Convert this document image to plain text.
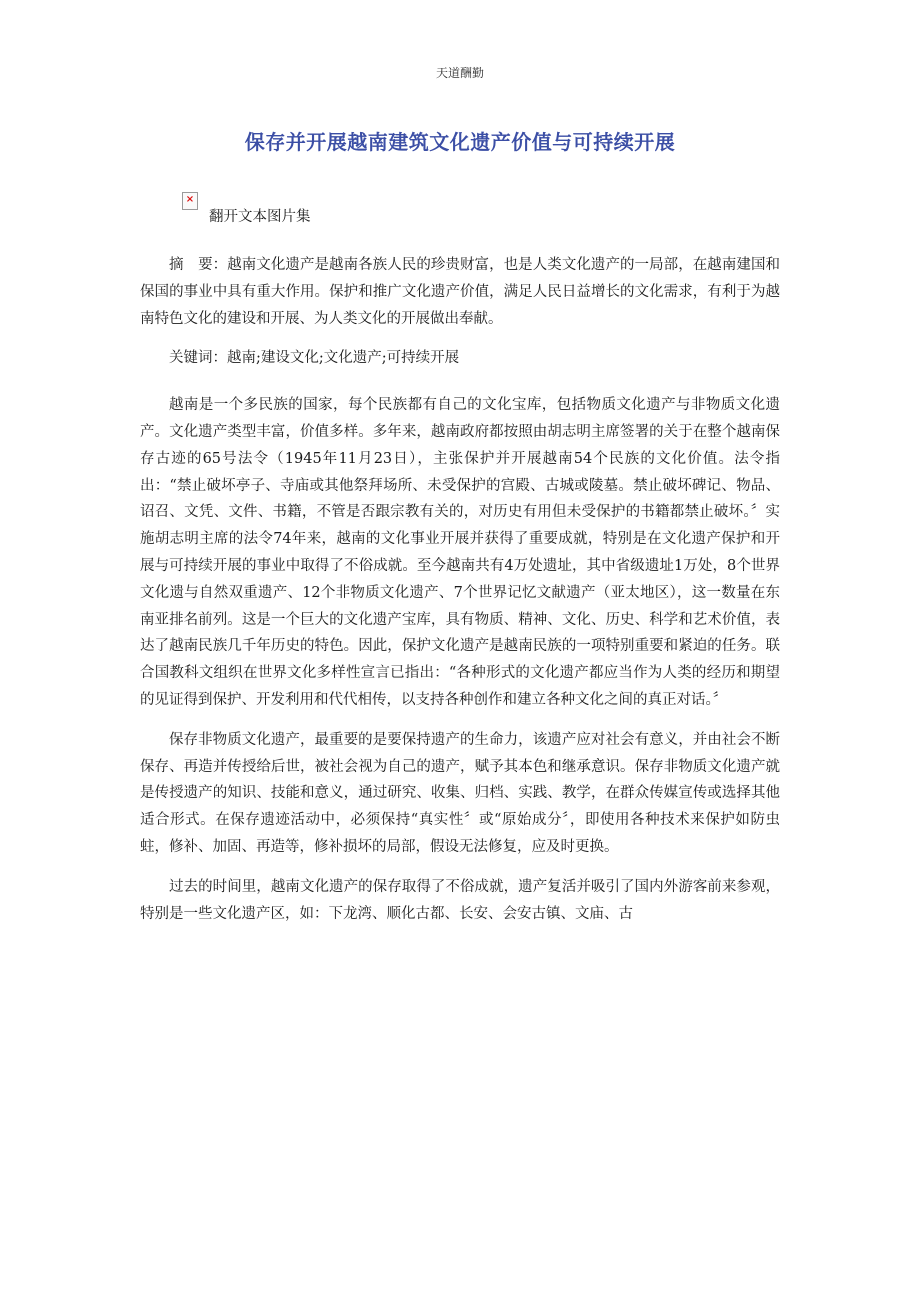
天道酬勤
保存并开展越南建筑文化遗产价值与可持续开展
×
翻开文本图片集

摘　要：越南文化遗产是越南各族人民的珍贵财富，也是人类文化遗产的一局部，在越南建国和保国的事业中具有重大作用。保护和推广文化遗产价值，满足人民日益增长的文化需求，有利于为越南特色文化的建设和开展、为人类文化的开展做出奉献。

关键词：越南;建设文化;文化遗产;可持续开展

越南是一个多民族的国家，每个民族都有自己的文化宝库，包括物质文化遗产与非物质文化遗产。文化遗产类型丰富，价值多样。多年来，越南政府都按照由胡志明主席签署的关于在整个越南保存古迹的65号法令（1945年11月23日），主张保护并开展越南54个民族的文化价值。法令指出：“禁止破坏亭子、寺庙或其他祭拜场所、未受保护的宫殿、古城或陵墓。禁止破坏碑记、物品、诏召、文凭、文件、书籍，不管是否跟宗教有关的，对历史有用但未受保护的书籍都禁止破坏。〞实施胡志明主席的法令74年来，越南的文化事业开展并获得了重要成就，特别是在文化遗产保护和开展与可持续开展的事业中取得了不俗成就。至今越南共有4万处遗址，其中省级遗址1万处，8个世界文化遗与自然双重遗产、12个非物质文化遗产、7个世界记忆文献遗产（亚太地区），这一数量在东南亚排名前列。这是一个巨大的文化遗产宝库，具有物质、精神、文化、历史、科学和艺术价值，表达了越南民族几千年历史的特色。因此，保护文化遗产是越南民族的一项特别重要和紧迫的任务。联合国教科文组织在世界文化多样性宣言已指出：“各种形式的文化遗产都应当作为人类的经历和期望的见证得到保护、开发利用和代代相传，以支持各种创作和建立各种文化之间的真正对话。〞

保存非物质文化遗产，最重要的是要保持遗产的生命力，该遗产应对社会有意义，并由社会不断保存、再造并传授给后世，被社会视为自己的遗产，赋予其本色和继承意识。保存非物质文化遗产就是传授遗产的知识、技能和意义，通过研究、收集、归档、实践、教学，在群众传媒宣传或选择其他适合形式。在保存遗迹活动中，必须保持“真实性〞或“原始成分〞，即使用各种技术来保护如防虫蛀，修补、加固、再造等，修补损坏的局部，假设无法修复，应及时更换。

过去的时间里，越南文化遗产的保存取得了不俗成就，遗产复活并吸引了国内外游客前来参观，特别是一些文化遗产区，如：下龙湾、顺化古都、长安、会安古镇、文庙、古
